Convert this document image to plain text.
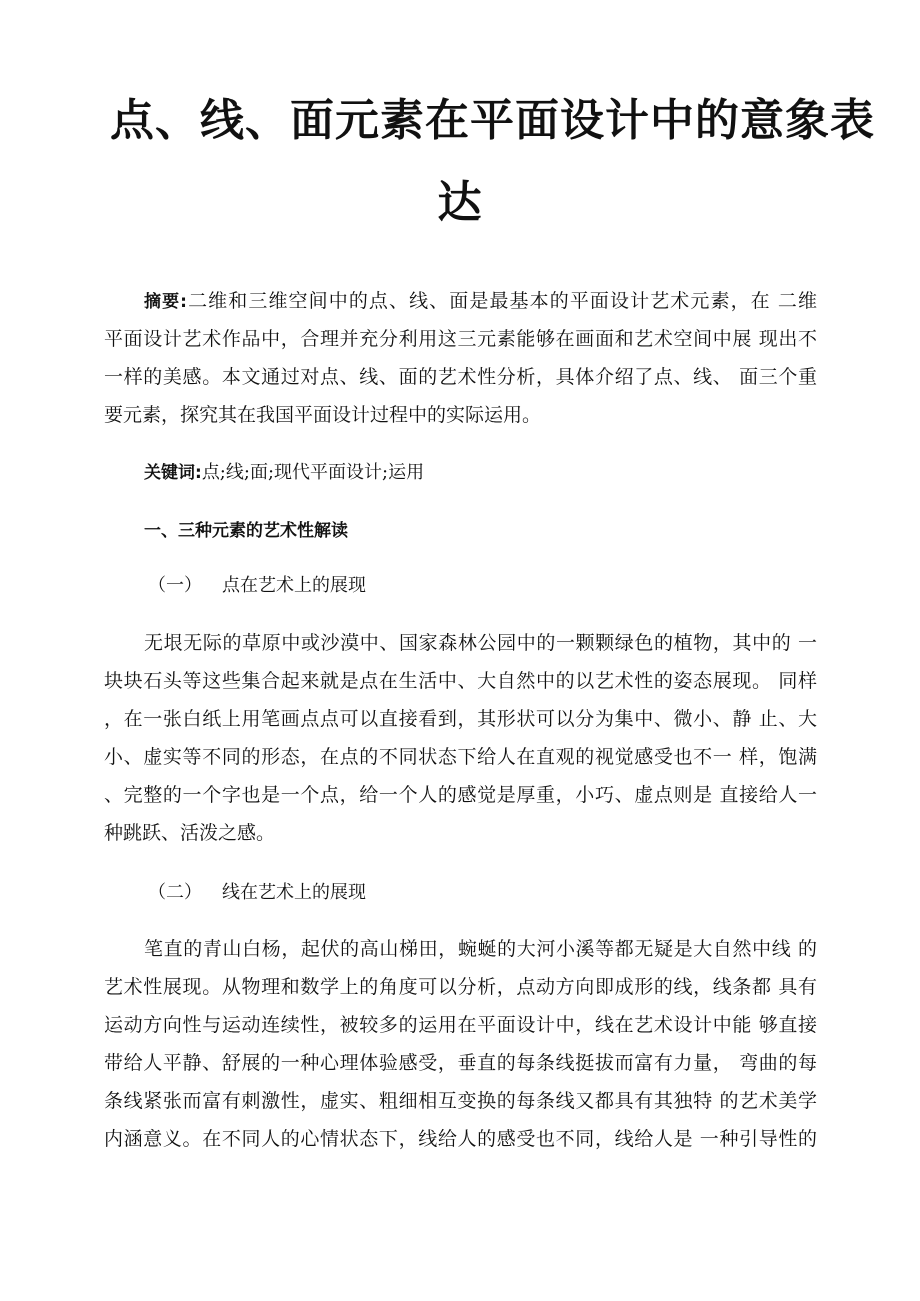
点、线、面元素在平面设计中的意象表
达
摘要:二维和三维空间中的点、线、面是最基本的平面设计艺术元素，在 二维
平面设计艺术作品中，合理并充分利用这三元素能够在画面和艺术空间中展 现出不
一样的美感。本文通过对点、线、面的艺术性分析，具体介绍了点、线、 面三个重
要元素，探究其在我国平面设计过程中的实际运用。
关键词:点;线;面;现代平面设计;运用
一、三种元素的艺术性解读
（一） 点在艺术上的展现
无垠无际的草原中或沙漠中、国家森林公园中的一颗颗绿色的植物，其中的 一
块块石头等这些集合起来就是点在生活中、大自然中的以艺术性的姿态展现。 同样
，在一张白纸上用笔画点点可以直接看到，其形状可以分为集中、微小、静 止、大
小、虚实等不同的形态，在点的不同状态下给人在直观的视觉感受也不一 样，饱满
、完整的一个字也是一个点，给一个人的感觉是厚重，小巧、虚点则是 直接给人一
种跳跃、活泼之感。
（二） 线在艺术上的展现
笔直的青山白杨，起伏的高山梯田，蜿蜒的大河小溪等都无疑是大自然中线 的
艺术性展现。从物理和数学上的角度可以分析，点动方向即成形的线，线条都 具有
运动方向性与运动连续性，被较多的运用在平面设计中，线在艺术设计中能 够直接
带给人平静、舒展的一种心理体验感受，垂直的每条线挺拔而富有力量， 弯曲的每
条线紧张而富有刺激性，虚实、粗细相互变换的每条线又都具有其独特 的艺术美学
内涵意义。在不同人的心情状态下，线给人的感受也不同，线给人是 一种引导性的
